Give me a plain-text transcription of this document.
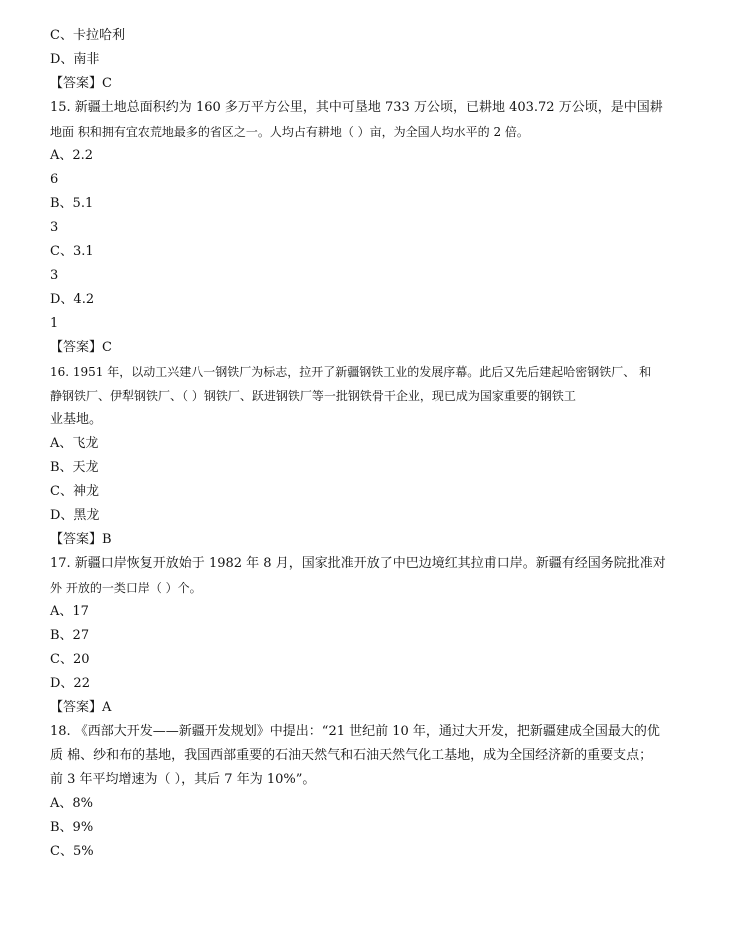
C、卡拉哈利
D、南非
【答案】C
15. 新疆土地总面积约为 160 多万平方公里，其中可垦地 733 万公顷，已耕地 403.72 万公顷，是中国耕
地面 积和拥有宜农荒地最多的省区之一。人均占有耕地（ ）亩，为全国人均水平的 2 倍。
A、2.2
6
B、5.1
3
C、3.1
3
D、4.2
1
【答案】C
16. 1951 年，以动工兴建八一钢铁厂为标志，拉开了新疆钢铁工业的发展序幕。此后又先后建起哈密钢铁厂、 和
静钢铁厂、伊犁钢铁厂、（ ）钢铁厂、跃进钢铁厂等一批钢铁骨干企业，现已成为国家重要的钢铁工
业基地。
A、飞龙
B、天龙
C、神龙
D、黑龙
【答案】B
17. 新疆口岸恢复开放始于 1982 年 8 月，国家批准开放了中巴边境红其拉甫口岸。新疆有经国务院批准对
外 开放的一类口岸（ ）个。
A、17
B、27
C、20
D、22
【答案】A
18. 《西部大开发——新疆开发规划》中提出：“21 世纪前 10 年，通过大开发，把新疆建成全国最大的优
质 棉、纱和布的基地，我国西部重要的石油天然气和石油天然气化工基地，成为全国经济新的重要支点；
前 3 年平均增速为（ ），其后 7 年为 10%”。
A、8%
B、9%
C、5%
